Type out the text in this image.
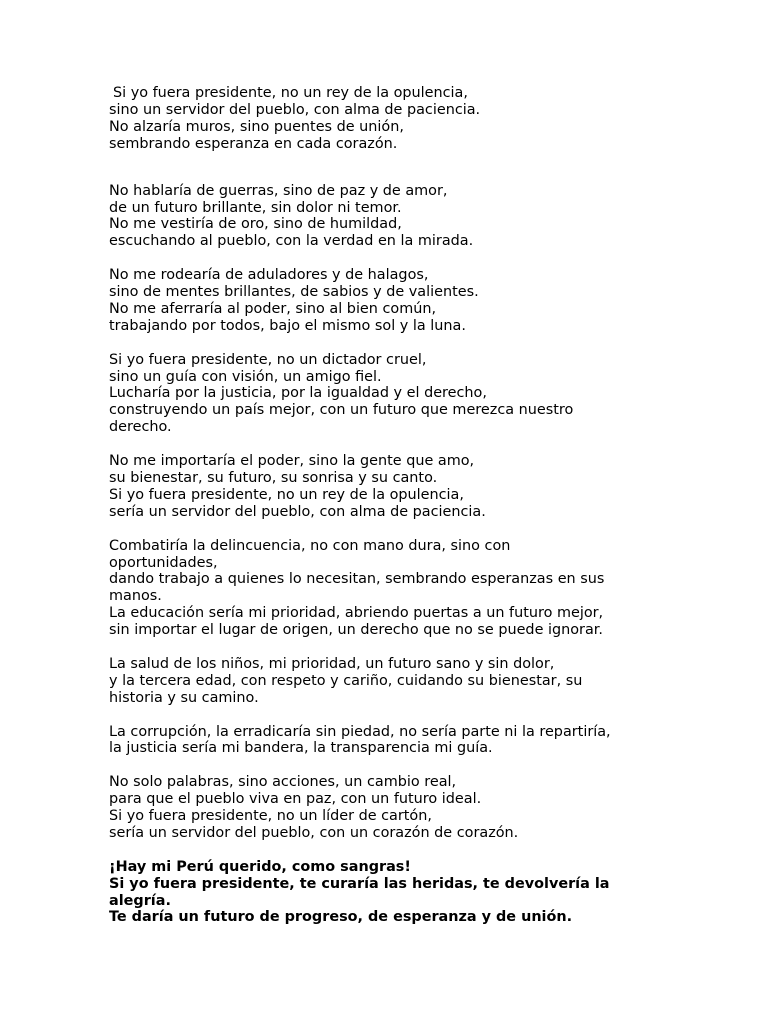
Si yo fuera presidente, no un rey de la opulencia,
sino un servidor del pueblo, con alma de paciencia.
No alzaría muros, sino puentes de unión,
sembrando esperanza en cada corazón.
No hablaría de guerras, sino de paz y de amor,
de un futuro brillante, sin dolor ni temor.
No me vestiría de oro, sino de humildad,
escuchando al pueblo, con la verdad en la mirada.
No me rodearía de aduladores y de halagos,
sino de mentes brillantes, de sabios y de valientes.
No me aferraría al poder, sino al bien común,
trabajando por todos, bajo el mismo sol y la luna.
Si yo fuera presidente, no un dictador cruel,
sino un guía con visión, un amigo fiel.
Lucharía por la justicia, por la igualdad y el derecho,
construyendo un país mejor, con un futuro que merezca nuestro
derecho.
No me importaría el poder, sino la gente que amo,
su bienestar, su futuro, su sonrisa y su canto.
Si yo fuera presidente, no un rey de la opulencia,
sería un servidor del pueblo, con alma de paciencia.
Combatiría la delincuencia, no con mano dura, sino con
oportunidades,
dando trabajo a quienes lo necesitan, sembrando esperanzas en sus
manos.
La educación sería mi prioridad, abriendo puertas a un futuro mejor,
sin importar el lugar de origen, un derecho que no se puede ignorar.
La salud de los niños, mi prioridad, un futuro sano y sin dolor,
y la tercera edad, con respeto y cariño, cuidando su bienestar, su
historia y su camino.
La corrupción, la erradicaría sin piedad, no sería parte ni la repartiría,
la justicia sería mi bandera, la transparencia mi guía.
No solo palabras, sino acciones, un cambio real,
para que el pueblo viva en paz, con un futuro ideal.
Si yo fuera presidente, no un líder de cartón,
sería un servidor del pueblo, con un corazón de corazón.
¡Hay mi Perú querido, como sangras!
Si yo fuera presidente, te curaría las heridas, te devolvería la
alegría.
Te daría un futuro de progreso, de esperanza y de unión.
